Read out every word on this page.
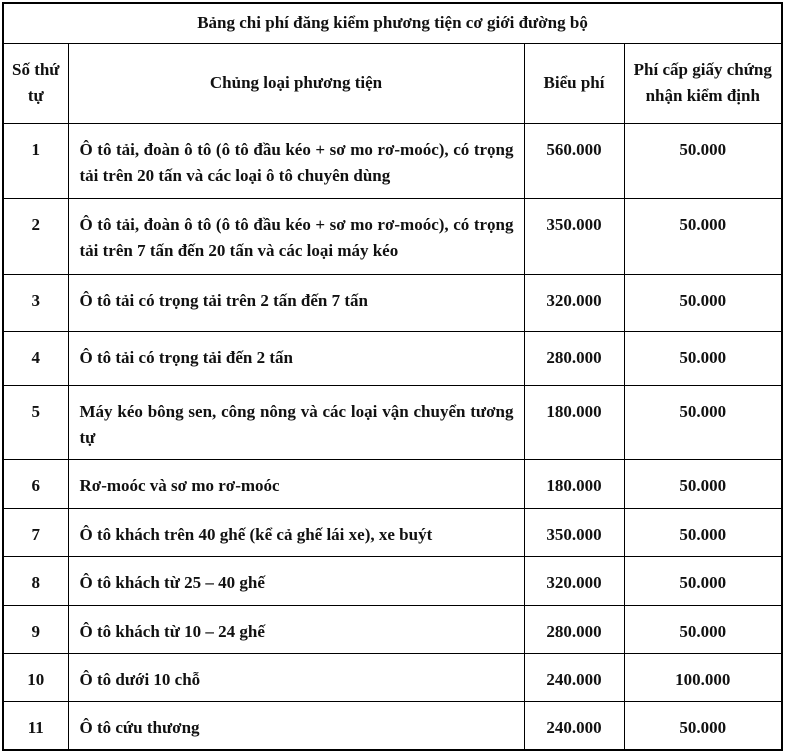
Bảng chi phí đăng kiểm phương tiện cơ giới đường bộ			
Số thứ tự	Chủng loại phương tiện	Biểu phí	Phí cấp giấy chứng nhận kiểm định
1	Ô tô tải, đoàn ô tô (ô tô đầu kéo + sơ mo rơ-moóc), có trọng tải trên 20 tấn và các loại ô tô chuyên dùng	560.000	50.000
2	Ô tô tải, đoàn ô tô (ô tô đầu kéo + sơ mo rơ-moóc), có trọng tải trên 7 tấn đến 20 tấn và các loại máy kéo	350.000	50.000
3	Ô tô tải có trọng tải trên 2 tấn đến 7 tấn	320.000	50.000
4	Ô tô tải có trọng tải đến 2 tấn	280.000	50.000
5	Máy kéo bông sen, công nông và các loại vận chuyển tương tự	180.000	50.000
6	Rơ-moóc và sơ mo rơ-moóc	180.000	50.000
7	Ô tô khách trên 40 ghế (kể cả ghế lái xe), xe buýt	350.000	50.000
8	Ô tô khách từ 25 – 40 ghế	320.000	50.000
9	Ô tô khách từ 10 – 24 ghế	280.000	50.000
10	Ô tô dưới 10 chỗ	240.000	100.000
11	Ô tô cứu thương	240.000	50.000
